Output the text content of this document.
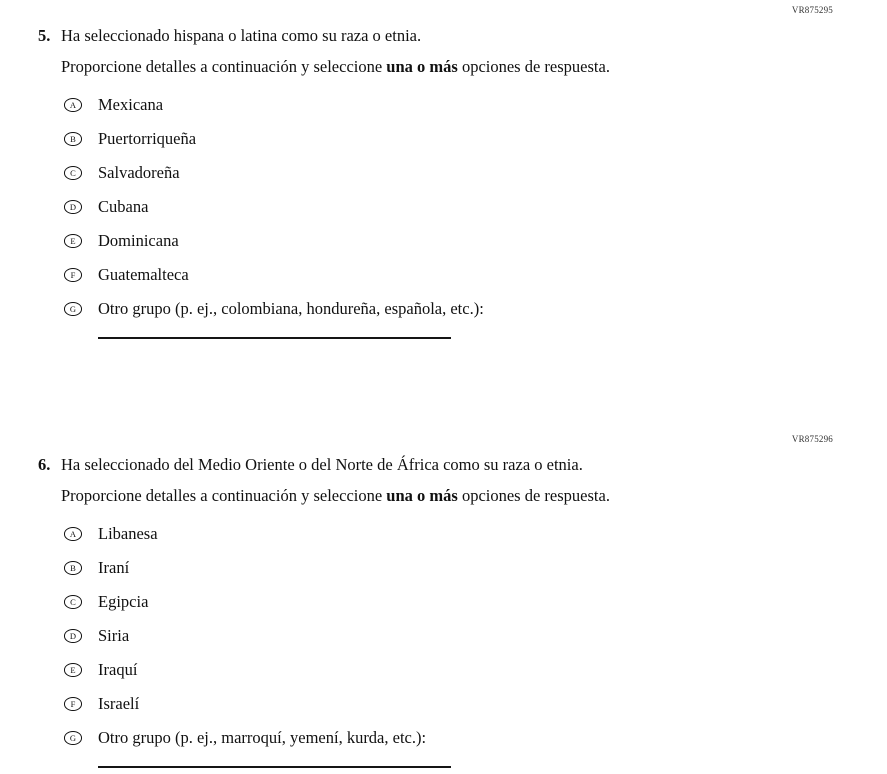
VR875295
5. Ha seleccionado hispana o latina como su raza o etnia.
Proporcione detalles a continuación y seleccione una o más opciones de respuesta.
A	Mexicana
B	Puertorriqueña
C	Salvadoreña
D	Cubana
E	Dominicana
F	Guatemalteca
G	Otro grupo (p. ej., colombiana, hondureña, española, etc.):
VR875296
6. Ha seleccionado del Medio Oriente o del Norte de África como su raza o etnia.
Proporcione detalles a continuación y seleccione una o más opciones de respuesta.
A	Libanesa
B	Iraní
C	Egipcia
D	Siria
E	Iraquí
F	Israelí
G	Otro grupo (p. ej., marroquí, yemení, kurda, etc.):
